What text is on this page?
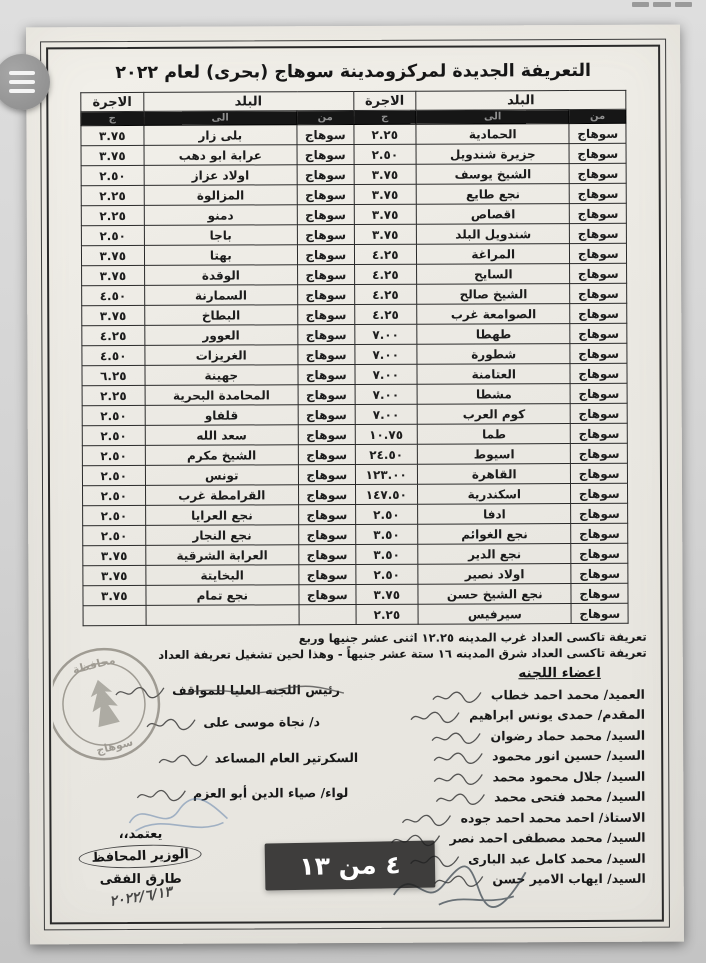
التعريفة الجديدة لمركزومدينة سوهاج (بحرى) لعام ٢٠٢٢
البلد		الاجرة	البلد		الاجرة
من	الى	ج	من	الى	ج
سوهاج	الحمادية	٢.٢٥	سوهاج	بلى زار	٣.٧٥
سوهاج	جزيرة شندويل	٢.٥٠	سوهاج	عرابة ابو دهب	٣.٧٥
سوهاج	الشيخ يوسف	٣.٧٥	سوهاج	اولاد عزاز	٢.٥٠
سوهاج	نجع طايع	٣.٧٥	سوهاج	المزالوة	٢.٢٥
سوهاج	اقصاص	٣.٧٥	سوهاج	دمنو	٢.٢٥
سوهاج	شندويل البلد	٣.٧٥	سوهاج	باجا	٢.٥٠
سوهاج	المراغة	٤.٢٥	سوهاج	بهتا	٣.٧٥
سوهاج	السايح	٤.٢٥	سوهاج	الوقدة	٣.٧٥
سوهاج	الشيخ صالح	٤.٢٥	سوهاج	السمارنة	٤.٥٠
سوهاج	الصوامعة غرب	٤.٢٥	سوهاج	البطاخ	٣.٧٥
سوهاج	طهطا	٧.٠٠	سوهاج	العوور	٤.٢٥
سوهاج	شطورة	٧.٠٠	سوهاج	الغريزات	٤.٥٠
سوهاج	العتامنة	٧.٠٠	سوهاج	جهينة	٦.٢٥
سوهاج	مشطا	٧.٠٠	سوهاج	المحامدة البحرية	٢.٢٥
سوهاج	كوم العرب	٧.٠٠	سوهاج	قلفاو	٢.٥٠
سوهاج	طما	١٠.٧٥	سوهاج	سعد الله	٢.٥٠
سوهاج	اسيوط	٢٤.٥٠	سوهاج	الشيخ مكرم	٢.٥٠
سوهاج	القاهرة	١٢٣.٠٠	سوهاج	تونس	٢.٥٠
سوهاج	اسكندرية	١٤٧.٥٠	سوهاج	القرامطة غرب	٢.٥٠
سوهاج	ادفا	٢.٥٠	سوهاج	نجع العرايا	٢.٥٠
سوهاج	نجع الغوائم	٣.٥٠	سوهاج	نجع النجار	٢.٥٠
سوهاج	نجع الدير	٣.٥٠	سوهاج	العرابة الشرقية	٣.٧٥
سوهاج	اولاد نصير	٢.٥٠	سوهاج	البخايتة	٣.٧٥
سوهاج	نجع الشيخ حسن	٣.٧٥	سوهاج	نجع تمام	٣.٧٥
سوهاج	سيرفيس	٢.٢٥			
تعريفة تاكسى العداد غرب المدينه ١٢.٢٥ اثنى عشر جنيها وربع
تعريفة تاكسى العداد شرق المدينه ١٦ ستة عشر جنيهاً - وهذا لحين تشغيل تعريفة العداد
اعضاء اللجنه
العميد/ محمد احمد خطاب
المقدم/ حمدى يونس ابراهيم
السيد/ محمد حماد رضوان
السيد/ حسين انور محمود
السيد/ جلال محمود محمد
السيد/ محمد فتحى محمد
الاستاذ/ احمد محمد احمد جوده
السيد/ محمد مصطفى احمد نصر
السيد/ محمد كامل عبد البارى
السيد/ ايهاب الامير حسن
رئيس اللجنه العليا للمواقف
د/ نجاة موسى على
السكرتير العام المساعد
لواء/ صياء الدين أبو العزم
يعتمد،،
الوزير المحافظ
طارق الفقى
٢٠٢٢/٦/١٣
محافظة
سوهاج
٤ من ١٣
